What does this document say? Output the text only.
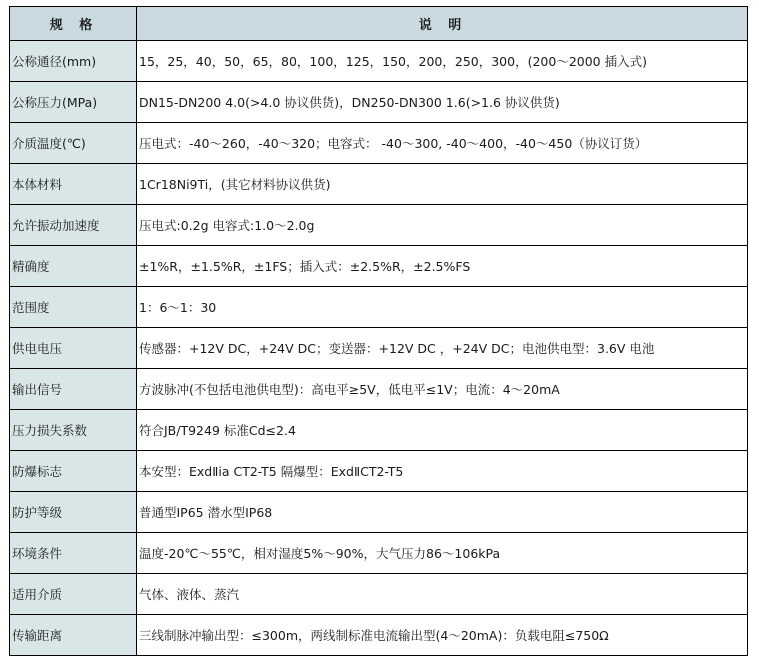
规 格	说 明
公称通径(mm)	15，25，40，50，65，80，100，125，150，200，250，300，(200～2000 插入式)
公称压力(MPa)	DN15-DN200 4.0(>4.0 协议供货)，DN250-DN300 1.6(>1.6 协议供货)
介质温度(℃)	压电式：-40～260，-40～320；电容式： -40～300, -40～400，-40～450（协议订货）
本体材料	1Cr18Ni9Ti，(其它材料协议供货)
允许振动加速度	压电式:0.2g 电容式:1.0～2.0g
精确度	±1%R，±1.5%R，±1FS；插入式：±2.5%R，±2.5%FS
范围度	1：6～1：30
供电电压	传感器：+12V DC，+24V DC；变送器：+12V DC ，+24V DC；电池供电型：3.6V 电池
输出信号	方波脉冲(不包括电池供电型)：高电平≥5V，低电平≤1V；电流：4～20mA
压力损失系数	符合JB/T9249 标准Cd≤2.4
防爆标志	本安型：ExdⅡia CT2-T5 隔爆型：ExdⅡCT2-T5
防护等级	普通型IP65 潜水型IP68
环境条件	温度-20℃～55℃，相对湿度5%～90%，大气压力86～106kPa
适用介质	气体、液体、蒸汽
传输距离	三线制脉冲输出型：≤300m，两线制标准电流输出型(4～20mA)：负载电阻≤750Ω
